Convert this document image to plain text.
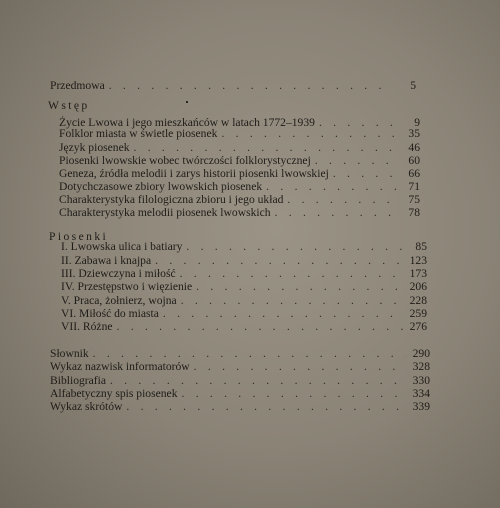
Przedmowa . . .	5
Wstęp
Życie Lwowa i jego mieszkańców w latach 1772–1939 . . .	9
Folklor miasta w świetle piosenek . . .	35
Język piosenek . . .	46
Piosenki lwowskie wobec twórczości folklorystycznej . . .	60
Geneza, źródła melodii i zarys historii piosenki lwowskiej . . .	66
Dotychczasowe zbiory lwowskich piosenek . . .	71
Charakterystyka filologiczna zbioru i jego układ . . .	75
Charakterystyka melodii piosenek lwowskich . . .	78
Piosenki
I. Lwowska ulica i batiary . . .	85
II. Zabawa i knajpa . . .	123
III. Dziewczyna i miłość . . .	173
IV. Przestępstwo i więzienie . . .	206
V. Praca, żołnierz, wojna . . .	228
VI. Miłość do miasta . . .	259
VII. Różne . . .	276
Słownik . . .	290
Wykaz nazwisk informatorów . . .	328
Bibliografia . . .	330
Alfabetyczny spis piosenek . . .	334
Wykaz skrótów . . .	339
